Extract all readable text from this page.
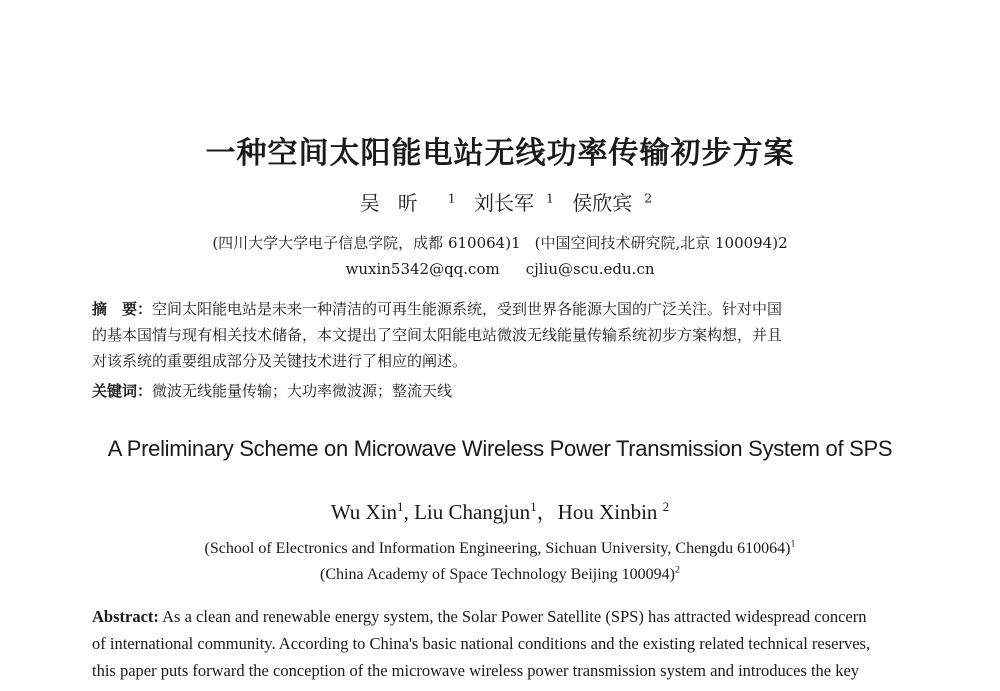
一种空间太阳能电站无线功率传输初步方案
吴昕 $^1$ 刘长军 $^1$ 侯欣宾 $^2$
(四川大学大学电子信息学院，成都 610064)1 (中国空间技术研究院,北京 100094)2
wuxin5342@qq.com cjliu@scu.edu.cn
摘　要：空间太阳能电站是未来一种清洁的可再生能源系统，受到世界各能源大国的广泛关注。针对中国
的基本国情与现有相关技术储备，本文提出了空间太阳能电站微波无线能量传输系统初步方案构想，并且
对该系统的重要组成部分及关键技术进行了相应的阐述。
关键词：微波无线能量传输；大功率微波源；整流天线
A Preliminary Scheme on Microwave Wireless Power Transmission System of SPS
Wu Xin$^1$, Liu Changjun$^1$，Hou Xinbin $^2$
(School of Electronics and Information Engineering, Sichuan University, Chengdu 610064)$^1$
(China Academy of Space Technology Beijing 100094)$^2$
Abstract: As a clean and renewable energy system, the Solar Power Satellite (SPS) has attracted widespread concern
of international community. According to China's basic national conditions and the existing related technical reserves,
this paper puts forward the conception of the microwave wireless power transmission system and introduces the key
